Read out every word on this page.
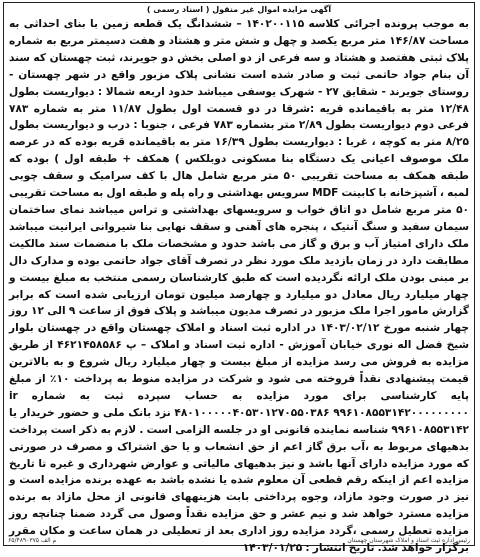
آگهی مزایده اموال غیر منقول ( اسناد رسمی )
به موجب پرونده اجرائی کلاسه ۱۴۰۲۰۰۱۱۵ – ششدانگ یک قطعه زمین با بنای احداثی به مساحت ۱۴۶/۸۷ متر مربع یکصد و چهل و شش متر و هشتاد و هفت دسیمتر مربع به شماره پلاک ثبتی هفتصد و هشتاد و سه فرعی از دو اصلی بخش دو جویرند، ثبت چهستان که سند آن بنام جواد حاتمی ثبت و صادر شده است نشانی پلاک مزبور واقع در شهر چهستان - روستای جویرند - شقایق ۲۷ - شهرک یوسفی میباشد حدود اربعه شمالا : دیواریست بطول ۱۲/۴۸ متر به باقیمانده قریه :شرقا در دو قسمت اول بطول ۱۱/۸۷ متر به شماره ۷۸۳ فرعی دوم دیواریست بطول ۲/۸۹ متر بشماره ۷۸۳ فرعی ، جنوبا : درب و دیواریست بطول ۸/۲۵ متر به کوچه ، غربا : دیواریست بطول ۱۶/۳۹ متر به باقیمانده قریه بوده که در عرصه ملک موصوف اعیانی یک دستگاه بنا مسکونی دوبلکس ) همکف + طبقه اول ) بوده که طبقه همکف به مساحت تقریبی ۵۰ متر مربع شامل هال با کف سرامیک و سقف چوبی لمبه ، آشپزخانه با کابینت MDF سرویس بهداشتی و راه پله و طبقه اول به مساحت تقریبی ۵۰ متر مربع شامل دو اتاق خواب و سرویسهای بهداشتی و تراس میباشد نمای ساختمان سیمان سفید و سنگ آنتیک ، پنجره های آهنی و سقف نهایی بنا شیروانی ایرانیت میباشد ملک دارای امتیاز آب و برق و گاز می باشد حدود و مشخصات ملک با منضمات سند مالکیت مطابقت دارد در زمان بازدید ملک مورد نظر در تصرف آقای جواد حاتمی بوده و مدارک دال بر مبنی بودن ملک ارائه نگردیده است که طبق کارشناسان رسمی منتخب به مبلغ بیست و چهار میلیارد ریال معادل دو میلیارد و چهارصد میلیون تومان ارزیابی شده است که برابر گزارش مامور اجرا ملک مزبور در تصرف مدیون میباشد و پلاک فوق از ساعت ۹ الی ۱۲ روز چهار شنبه مورخ ۱۴۰۳/۰۲/۱۲ در اداره ثبت اسناد و املاک چهستان واقع در چهستان بلوار شیخ فضل اله نوری خیابان آموزش - اداره ثبت اسناد و املاک – پ ۴۶۲۱۴۵۸۵۸۶ از طریق مزایده به فروش می رسد مزایده از مبلغ بیست و چهار میلیارد ریال شروع و به بالاترین قیمت پیشنهادی نقداً فروخته می شود و شرکت در مزایده منوط به پرداخت ۱۰٪ از مبلغ پایه کارشناسی برای مورد مزایده به حساب سپرده ثبت به شماره ir ۴۸۰۱۰۰۰۰۰۴۰۵۳۰۱۲۷۰۵۵۰۳۸۶ ۹۹۶۱۰۸۵۵۳۱۴۲۰۰۰۰۰۰۰۰۰ نزد بانک ملی و حضور خریدار یا ۹۹۶۱۰۸۵۵۳۱۴۲ شناسه نماینده قانونی او در جلسه الزامی است . لازم به ذکر است پرداخت بدهیهای مربوط به ،آب برق گاز اعم از حق انشعاب و یا حق اشتراک و مصرف در صورتی که مورد مزایده دارای آنها باشد و نیز بدهیهای مالیاتی و عوارض شهرداری و غیره تا تاریخ مزایده اعم از اینکه رقم قطعی آن معلوم شده یا نشده باشد به عهده برنده مزایده است و نیز در صورت وجود مازاد، وجوه پرداختی بابت هزینههای قانونی از محل مازاد به برنده مزایده مسترد خواهد شد و نیم عشر و حق مزایده نقداً وصول می گردد ضمنا چنانچه روز مزایده تعطیل رسمی ،گردد مزایده روز اداری بعد از تعطیلی در همان ساعت و مکان مقرر برگزار خواهد شد. تاریخ انتشار : ۱۴۰۳/۰۱/۲۵
رئیس اداره ثبت اسناد و املاک شهرستان چهستان
م الف ۶۵/۴۸۹۰۳۷۵
